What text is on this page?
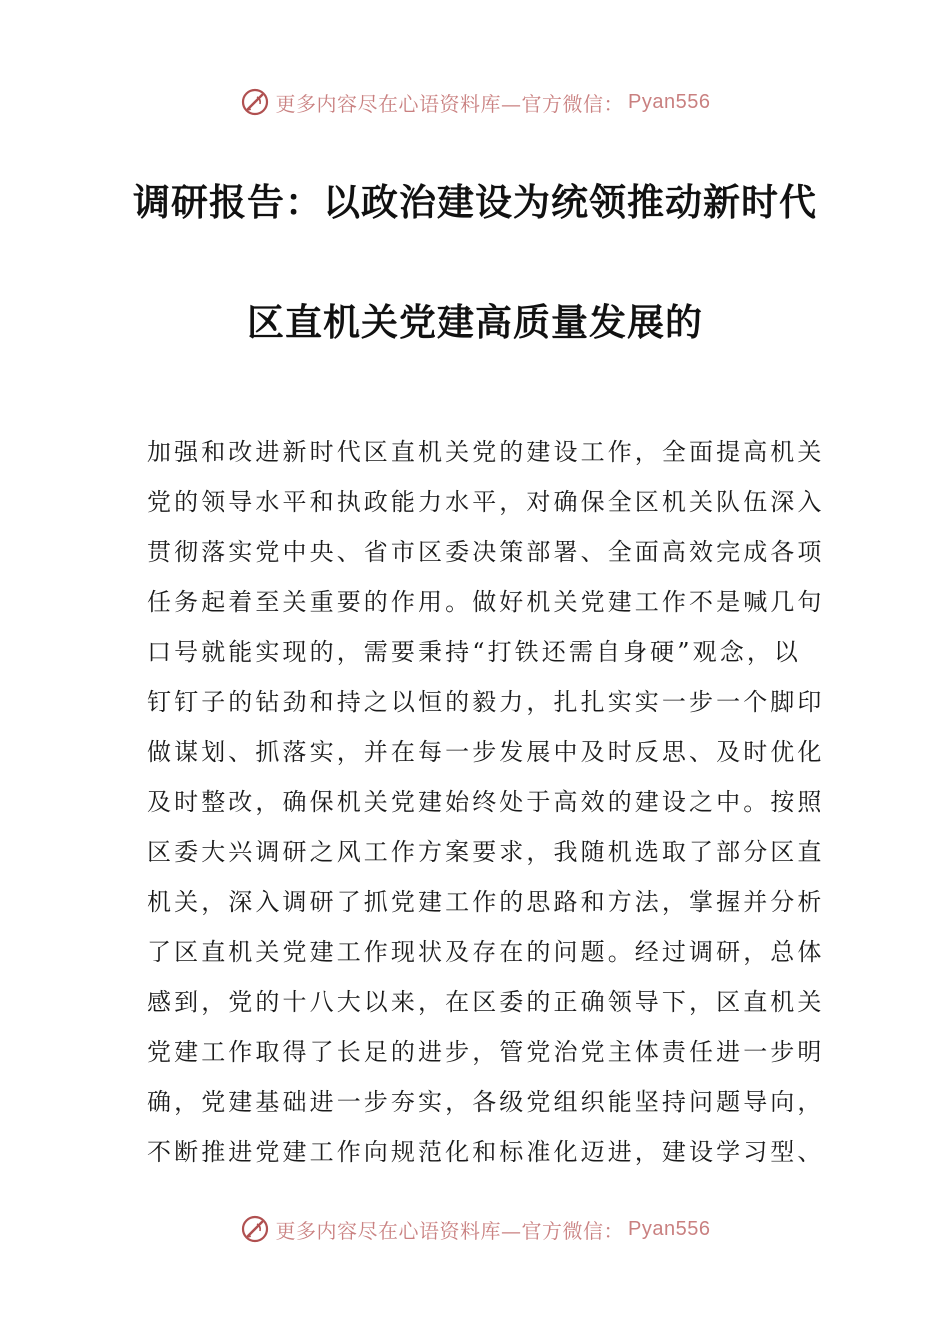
更多内容尽在心语资料库—官方微信： Pyan556
调研报告：以政治建设为统领推动新时代
区直机关党建高质量发展的
加强和改进新时代区直机关党的建设工作，全面提高机关
党的领导水平和执政能力水平，对确保全区机关队伍深入
贯彻落实党中央、省市区委决策部署、全面高效完成各项
任务起着至关重要的作用。做好机关党建工作不是喊几句
口号就能实现的，需要秉持“打铁还需自身硬”观念，以
钉钉子的钻劲和持之以恒的毅力，扎扎实实一步一个脚印
做谋划、抓落实，并在每一步发展中及时反思、及时优化
及时整改，确保机关党建始终处于高效的建设之中。按照
区委大兴调研之风工作方案要求，我随机选取了部分区直
机关，深入调研了抓党建工作的思路和方法，掌握并分析
了区直机关党建工作现状及存在的问题。经过调研，总体
感到，党的十八大以来，在区委的正确领导下，区直机关
党建工作取得了长足的进步，管党治党主体责任进一步明
确，党建基础进一步夯实，各级党组织能坚持问题导向，
不断推进党建工作向规范化和标准化迈进，建设学习型、
更多内容尽在心语资料库—官方微信： Pyan556
